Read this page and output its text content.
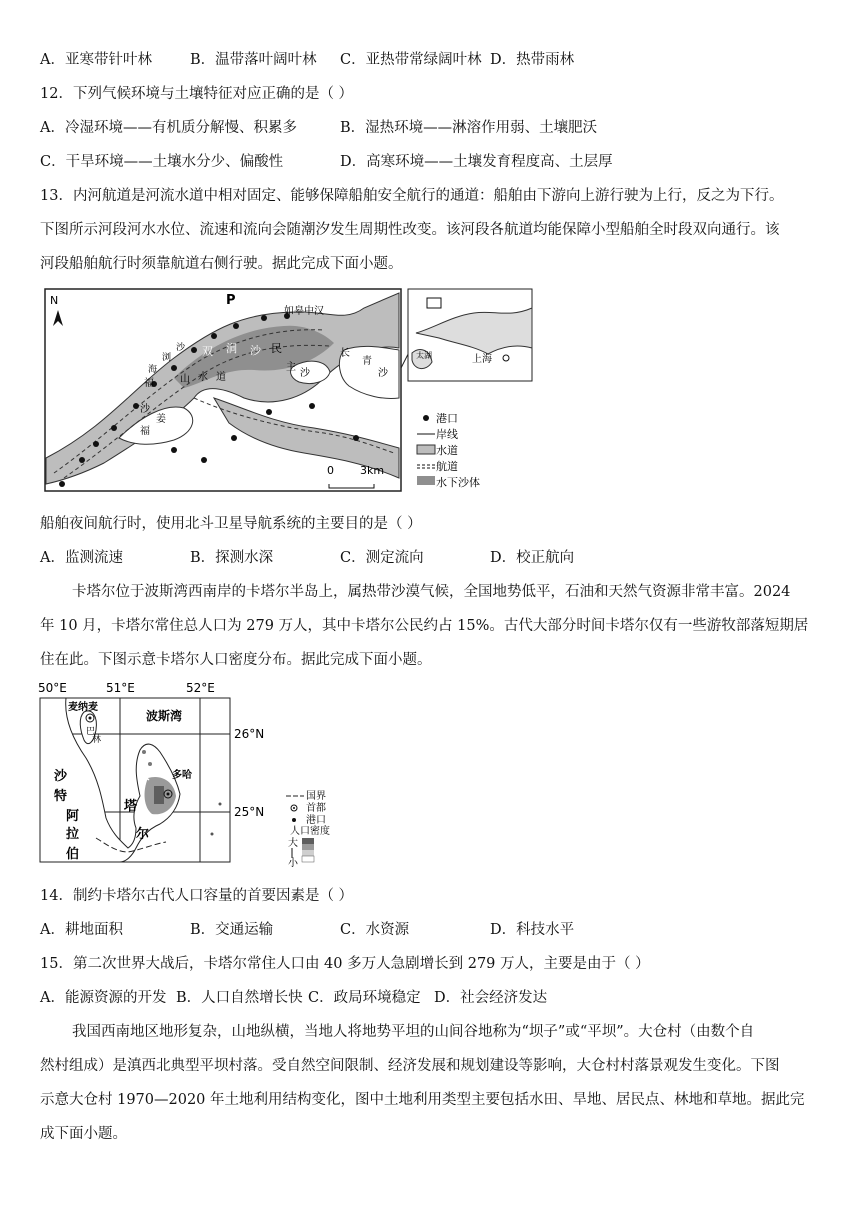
A．亚寒带针叶林	B．温带落叶阔叶林 C．亚热带常绿阔叶林 D．热带雨林
12．下列气候环境与土壤特征对应正确的是（ ）
A．冷湿环境——有机质分解慢、积累多	B．湿热环境——淋溶作用弱、土壤肥沃
C．干旱环境——土壤水分少、偏酸性	D．高寒环境——土壤发育程度高、土层厚
13．内河航道是河流水道中相对固定、能够保障船舶安全航行的通道：船舶由下游向上游行驶为上行，反之为下行。
下图所示河段河水水位、流速和流向会随潮汐发生周期性改变。该河段各航道均能保障小型船舶全时段双向通行。该
河段船舶航行时须靠航道右侧行驶。据此完成下面小题。
N	P
如皋中汉
双 涧 沙 民
主
沙
长
青
沙
沙
姜
福
福	山 水 道
浏
海
沙
0 3km
上海
太湖
港口
岸线
水道
航道
水下沙体
船舶夜间航行时，使用北斗卫星导航系统的主要目的是（ ）
A．监测流速	B．探测水深	C．测定流向	D．校正航向
卡塔尔位于波斯湾西南岸的卡塔尔半岛上，属热带沙漠气候，全国地势低平，石油和天然气资源非常丰富。2024
年 10 月，卡塔尔常住总人口为 279 万人，其中卡塔尔公民约占 15%。古代大部分时间卡塔尔仅有一些游牧部落短期居
住在此。下图示意卡塔尔人口密度分布。据此完成下面小题。
50°E	51°E	52°E
26°N
25°N
麦纳麦
巴
林
波斯湾
沙
特
阿
拉
伯
卡
塔
尔
多哈
国界
首都
港口
人口密度
大
小
14．制约卡塔尔古代人口容量的首要因素是（ ）
A．耕地面积	B．交通运输	C．水资源	D．科技水平
15．第二次世界大战后，卡塔尔常住人口由 40 多万人急剧增长到 279 万人，主要是由于（ ）
A．能源资源的开发 B．人口自然增长快 C．政局环境稳定 D．社会经济发达
我国西南地区地形复杂，山地纵横，当地人将地势平坦的山间谷地称为“坝子”或“平坝”。大仓村（由数个自
然村组成）是滇西北典型平坝村落。受自然空间限制、经济发展和规划建设等影响，大仓村村落景观发生变化。下图
示意大仓村 1970—2020 年土地利用结构变化，图中土地利用类型主要包括水田、旱地、居民点、林地和草地。据此完
成下面小题。
